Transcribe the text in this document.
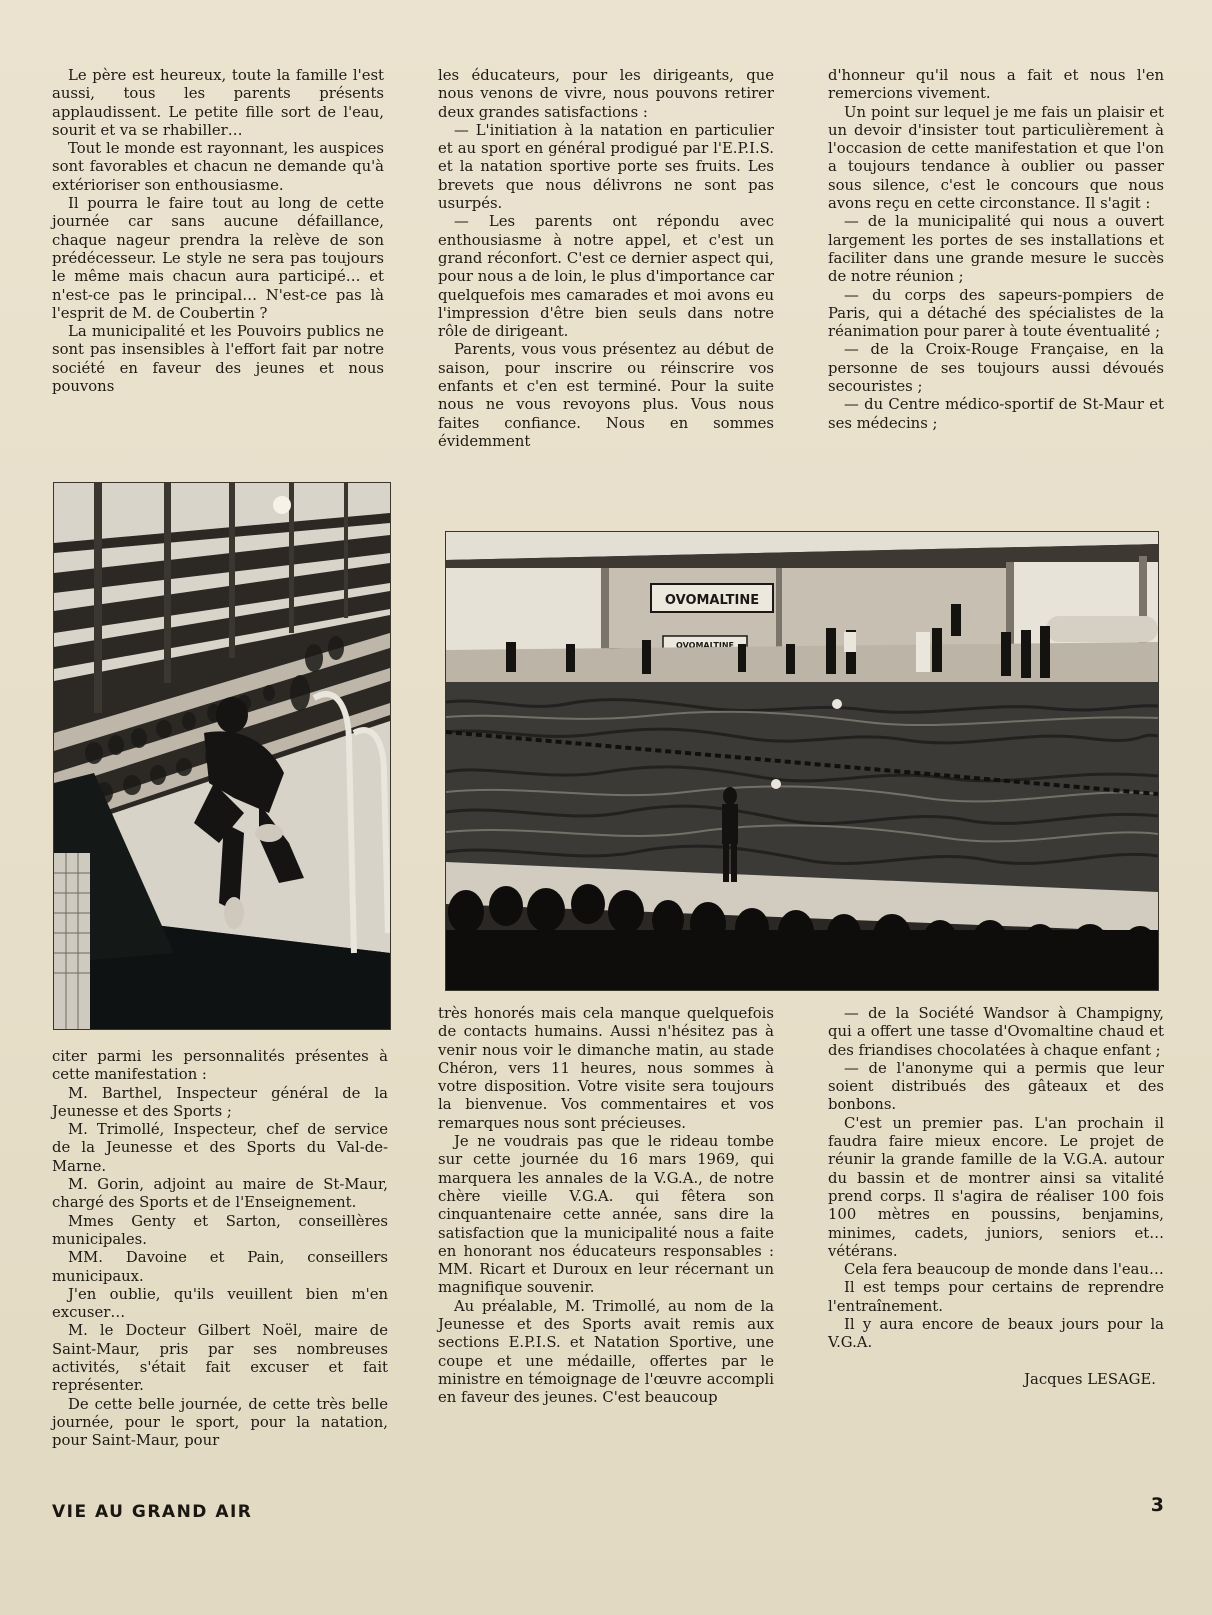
Le père est heureux, toute la famille l'est aussi, tous les parents présents applaudissent. Le petite fille sort de l'eau, sourit et va se rhabiller…

Tout le monde est rayonnant, les auspices sont favorables et chacun ne demande qu'à extérioriser son enthousiasme.

Il pourra le faire tout au long de cette journée car sans aucune défaillance, chaque nageur prendra la relève de son prédécesseur. Le style ne sera pas toujours le même mais chacun aura participé… et n'est-ce pas le principal… N'est-ce pas là l'esprit de M. de Coubertin ?

La municipalité et les Pouvoirs publics ne sont pas insensibles à l'effort fait par notre société en faveur des jeunes et nous pouvons

les éducateurs, pour les dirigeants, que nous venons de vivre, nous pouvons retirer deux grandes satisfactions :

— L'initiation à la natation en particulier et au sport en général prodigué par l'E.P.I.S. et la natation sportive porte ses fruits. Les brevets que nous délivrons ne sont pas usurpés.

— Les parents ont répondu avec enthousiasme à notre appel, et c'est un grand réconfort. C'est ce dernier aspect qui, pour nous a de loin, le plus d'importance car quelquefois mes camarades et moi avons eu l'impression d'être bien seuls dans notre rôle de dirigeant.

Parents, vous vous présentez au début de saison, pour inscrire ou réinscrire vos enfants et c'en est terminé. Pour la suite nous ne vous revoyons plus. Vous nous faites confiance. Nous en sommes évidemment

d'honneur qu'il nous a fait et nous l'en remercions vivement.

Un point sur lequel je me fais un plaisir et un devoir d'insister tout particulièrement à l'occasion de cette manifestation et que l'on a toujours tendance à oublier ou passer sous silence, c'est le concours que nous avons reçu en cette circonstance. Il s'agit :

— de la municipalité qui nous a ouvert largement les portes de ses installations et faciliter dans une grande mesure le succès de notre réunion ;

— du corps des sapeurs-pompiers de Paris, qui a détaché des spécialistes de la réanimation pour parer à toute éventualité ;

— de la Croix-Rouge Française, en la personne de ses toujours aussi dévoués secouristes ;

— du Centre médico-sportif de St-Maur et ses médecins ;

OVOMALTINE
OVOMALTINE

citer parmi les personnalités présentes à cette manifestation :

M. Barthel, Inspecteur général de la Jeunesse et des Sports ;

M. Trimollé, Inspecteur, chef de service de la Jeunesse et des Sports du Val-de-Marne.

M. Gorin, adjoint au maire de St-Maur, chargé des Sports et de l'Enseignement.

Mmes Genty et Sarton, conseillères municipales.

MM. Davoine et Pain, conseillers municipaux.

J'en oublie, qu'ils veuillent bien m'en excuser…

M. le Docteur Gilbert Noël, maire de Saint-Maur, pris par ses nombreuses activités, s'était fait excuser et fait représenter.

De cette belle journée, de cette très belle journée, pour le sport, pour la natation, pour Saint-Maur, pour

très honorés mais cela manque quelquefois de contacts humains. Aussi n'hésitez pas à venir nous voir le dimanche matin, au stade Chéron, vers 11 heures, nous sommes à votre disposition. Votre visite sera toujours la bienvenue. Vos commentaires et vos remarques nous sont précieuses.

Je ne voudrais pas que le rideau tombe sur cette journée du 16 mars 1969, qui marquera les annales de la V.G.A., de notre chère vieille V.G.A. qui fêtera son cinquantenaire cette année, sans dire la satisfaction que la municipalité nous a faite en honorant nos éducateurs responsables : MM. Ricart et Duroux en leur récernant un magnifique souvenir.

Au préalable, M. Trimollé, au nom de la Jeunesse et des Sports avait remis aux sections E.P.I.S. et Natation Sportive, une coupe et une médaille, offertes par le ministre en témoignage de l'œuvre accompli en faveur des jeunes. C'est beaucoup

— de la Société Wandsor à Champigny, qui a offert une tasse d'Ovomaltine chaud et des friandises chocolatées à chaque enfant ;

— de l'anonyme qui a permis que leur soient distribués des gâteaux et des bonbons.

C'est un premier pas. L'an prochain il faudra faire mieux encore. Le projet de réunir la grande famille de la V.G.A. autour du bassin et de montrer ainsi sa vitalité prend corps. Il s'agira de réaliser 100 fois 100 mètres en poussins, benjamins, minimes, cadets, juniors, seniors et… vétérans.

Cela fera beaucoup de monde dans l'eau…

Il est temps pour certains de reprendre l'entraînement.

Il y aura encore de beaux jours pour la V.G.A.

Jacques LESAGE.

VIE AU GRAND AIR	3
